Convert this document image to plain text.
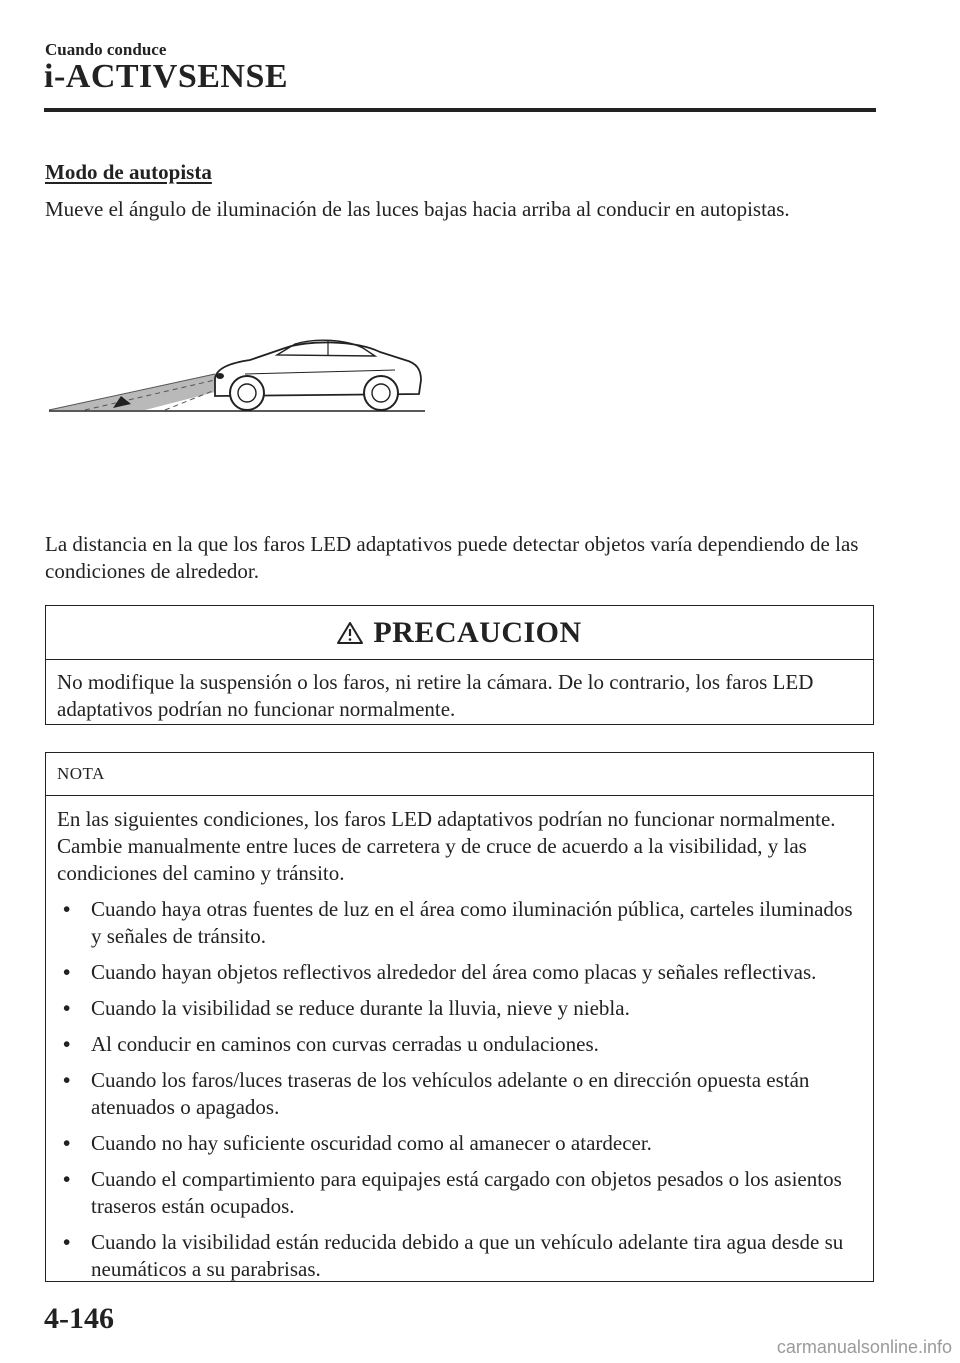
Cuando conduce
i-ACTIVSENSE
Modo de autopista
Mueve el ángulo de iluminación de las luces bajas hacia arriba al conducir en autopistas.
La distancia en la que los faros LED adaptativos puede detectar objetos varía dependiendo de las condiciones de alrededor.
PRECAUCION
No modifique la suspensión o los faros, ni retire la cámara. De lo contrario, los faros LED adaptativos podrían no funcionar normalmente.
NOTA

En las siguientes condiciones, los faros LED adaptativos podrían no funcionar normalmente. Cambie manualmente entre luces de carretera y de cruce de acuerdo a la visibilidad, y las condiciones del camino y tránsito.

• Cuando haya otras fuentes de luz en el área como iluminación pública, carteles iluminados y señales de tránsito.
• Cuando hayan objetos reflectivos alrededor del área como placas y señales reflectivas.
• Cuando la visibilidad se reduce durante la lluvia, nieve y niebla.
• Al conducir en caminos con curvas cerradas u ondulaciones.
• Cuando los faros/luces traseras de los vehículos adelante o en dirección opuesta están atenuados o apagados.
• Cuando no hay suficiente oscuridad como al amanecer o atardecer.
• Cuando el compartimiento para equipajes está cargado con objetos pesados o los asientos traseros están ocupados.
• Cuando la visibilidad están reducida debido a que un vehículo adelante tira agua desde su neumáticos a su parabrisas.
4-146
carmanualsonline.info
